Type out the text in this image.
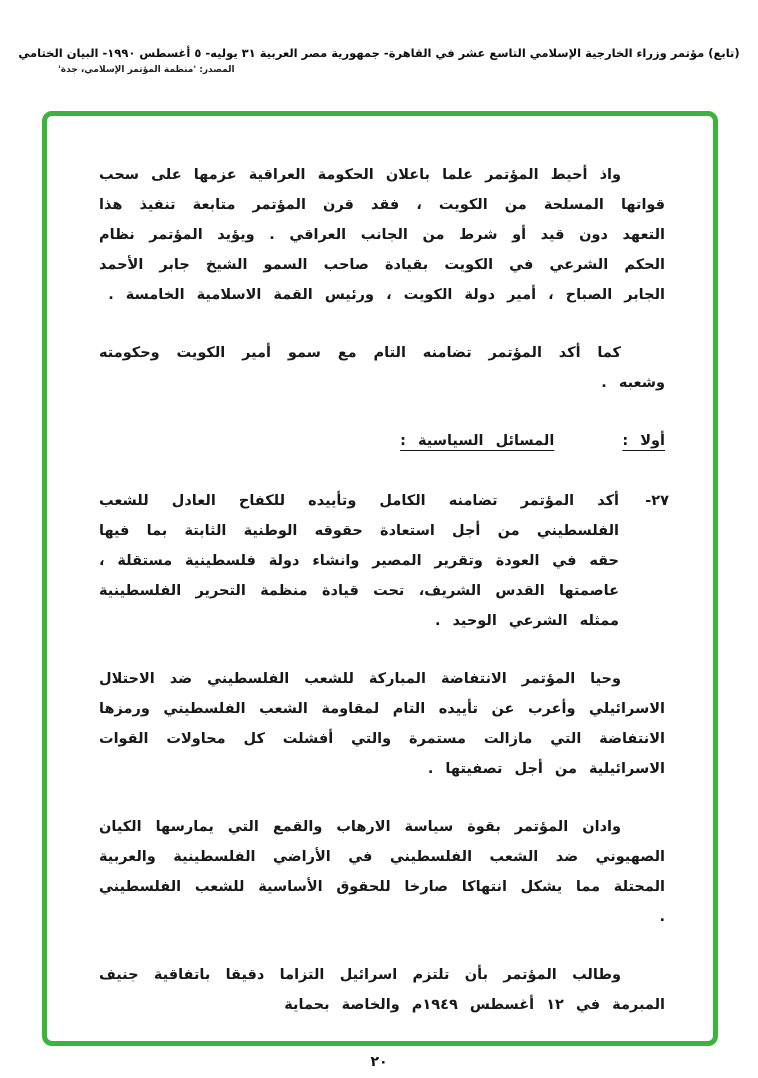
(تابع) مؤتمر وزراء الخارجية الإسلامي التاسع عشر في القاهرة- جمهورية مصر العربية ٣١ يوليه- ٥ أغسطس ١٩٩٠- البيان الختامي
المصدر: 'منظمة المؤتمر الإسلامي، جدة'

واذ أحيط المؤتمر علما باعلان الحكومة العراقية عزمها على سحب قواتها المسلحة من الكويت ، فقد قرن المؤتمر متابعة تنفيذ هذا التعهد دون قيد أو شرط من الجانب العراقي . ويؤيد المؤتمر نظام الحكم الشرعي في الكويت بقيادة صاحب السمو الشيخ جابر الأحمد الجابر الصباح ، أمير دولة الكويت ، ورئيس القمة الاسلامية الخامسة .

كما أكد المؤتمر تضامنه التام مع سمو أمير الكويت وحكومته وشعبه .

أولا : المسائل السياسية :
٢٧-

أكد المؤتمر تضامنه الكامل وتأييده للكفاح العادل للشعب الفلسطيني من أجل استعادة حقوقه الوطنية الثابتة بما فيها حقه في العودة وتقرير المصير وانشاء دولة فلسطينية مستقلة ، عاصمتها القدس الشريف، تحت قيادة منظمة التحرير الفلسطينية ممثله الشرعي الوحيد .

وحيا المؤتمر الانتفاضة المباركة للشعب الفلسطيني ضد الاحتلال الاسرائيلي وأعرب عن تأييده التام لمقاومة الشعب الفلسطيني ورمزها الانتفاضة التي مازالت مستمرة والتي أفشلت كل محاولات القوات الاسرائيلية من أجل تصفيتها .

وادان المؤتمر بقوة سياسة الارهاب والقمع التي يمارسها الكيان الصهيوني ضد الشعب الفلسطيني في الأراضي الفلسطينية والعربية المحتلة مما يشكل انتهاكا صارخا للحقوق الأساسية للشعب الفلسطيني .

وطالب المؤتمر بأن تلتزم اسرائيل التزاما دقيقا باتفاقية جنيف المبرمة في ١٢ أغسطس ١٩٤٩م والخاصة بحماية

٢٠
